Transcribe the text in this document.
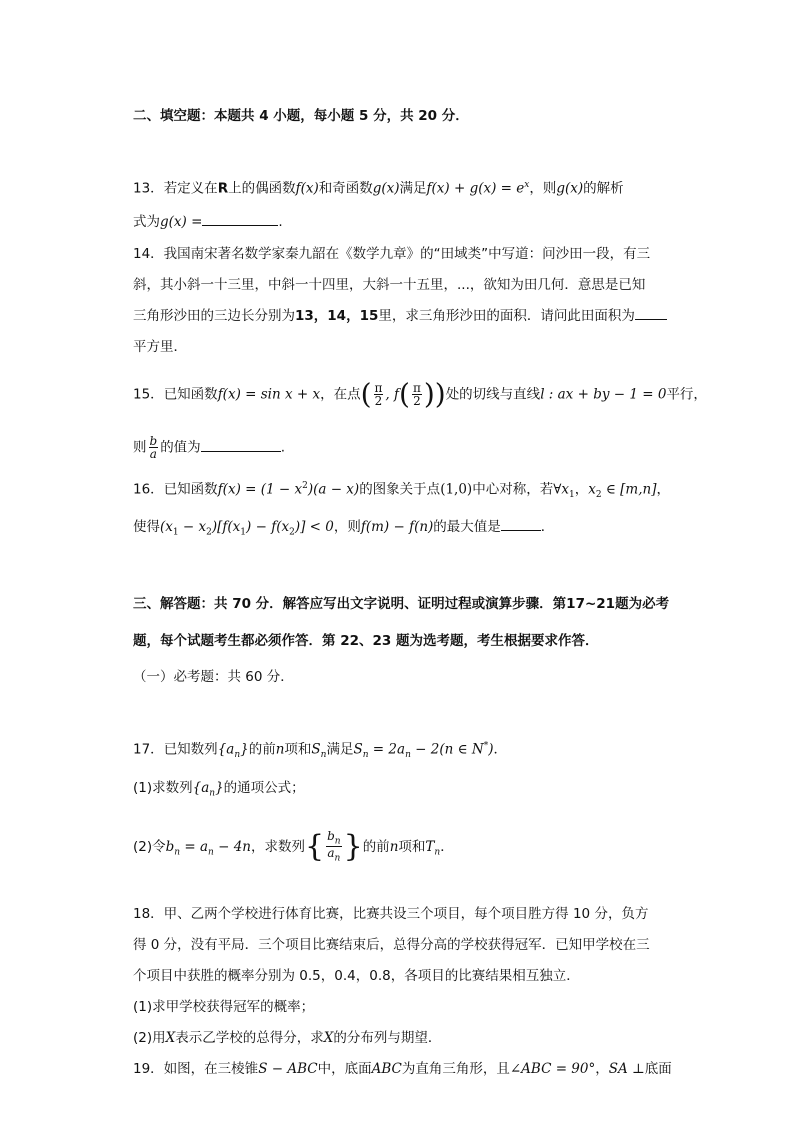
二、填空题：本题共 4 小题，每小题 5 分，共 20 分．
13．若定义在R上的偶函数f(x)和奇函数g(x)满足$f(x) + g(x) = e^x$，则g(x)的解析
式为g(x) =	.
14．我国南宋著名数学家秦九韶在《数学九章》的“田域类”中写道：问沙田一段，有三
斜，其小斜一十三里，中斜一十四里，大斜一十五里，...，欲知为田几何．意思是已知
三角形沙田的三边长分别为13，14，15里，求三角形沙田的面积．请问此田面积为
平方里．
15．已知函数f(x) = sin x + x，在点( $\frac{\pi}{2}$ , $f( \frac{\pi}{2}$ ))处的切线与直线l : ax + by − 1 = 0平行，
则 $\frac{b}{a}$ 的值为	.
16．已知函数$f(x) = (1 - x^2)(a - x)$的图象关于点(1,0)中心对称，若$\forall x_1$，$x_2$ ∈ [m,n]，
使得$(x_1 - x_2)[f(x_1) - f(x_2)] < 0$，则f(m) − f(n)的最大值是	．
三、解答题：共 70 分．解答应写出文字说明、证明过程或演算步骤．第17~21题为必考
题，每个试题考生都必须作答．第 22、23 题为选考题，考生根据要求作答．
（一）必考题：共 60 分．
17．已知数列$\{a_n\}$的前n项和$S_n$满足$S_n = 2a_n - 2(n$ ∈ N*)．
(1)求数列$\{a_n\}$的通项公式；
(2)令$b_n = a_n - 4n$，求数列{ $\frac{b_n}{a_n}$ }的前n项和$T_n$．
18．甲、乙两个学校进行体育比赛，比赛共设三个项目，每个项目胜方得 10 分，负方
得 0 分，没有平局．三个项目比赛结束后，总得分高的学校获得冠军．已知甲学校在三
个项目中获胜的概率分别为 0.5，0.4，0.8，各项目的比赛结果相互独立．
(1)求甲学校获得冠军的概率；
(2)用X表示乙学校的总得分，求X的分布列与期望．
19．如图，在三棱锥S − ABC中，底面ABC为直角三角形，且∠ABC = 90°，SA ⊥底面
